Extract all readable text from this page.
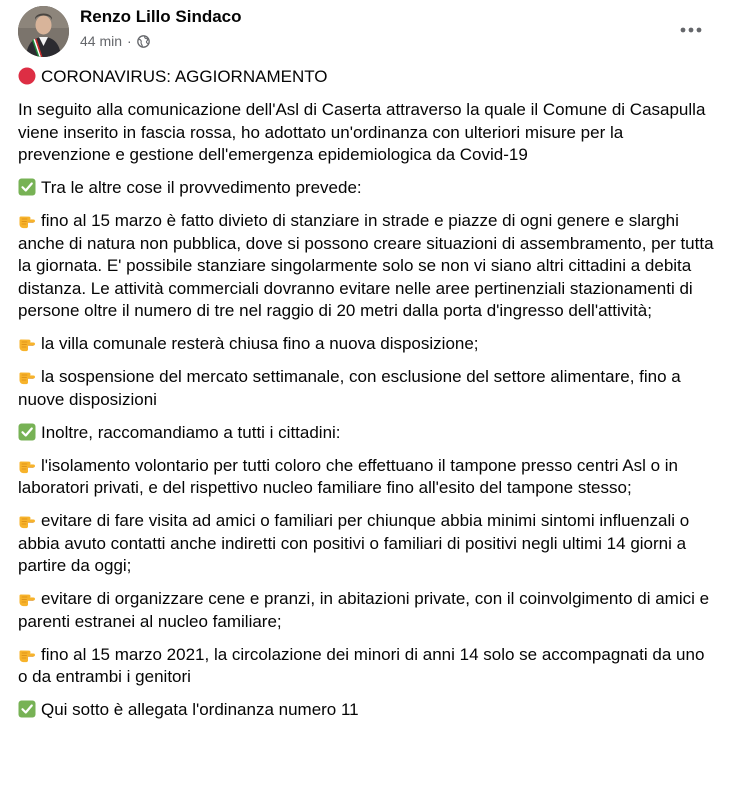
Renzo Lillo Sindaco
44 min ·
CORONAVIRUS: AGGIORNAMENTO
In seguito alla comunicazione dell'Asl di Caserta attraverso la quale il Comune di Casapulla viene inserito in fascia rossa, ho adottato un'ordinanza con ulteriori misure per la prevenzione e gestione dell'emergenza epidemiologica da Covid-19
Tra le altre cose il provvedimento prevede:
fino al 15 marzo è fatto divieto di stanziare in strade e piazze di ogni genere e slarghi anche di natura non pubblica, dove si possono creare situazioni di assembramento, per tutta la giornata. E' possibile stanziare singolarmente solo se non vi siano altri cittadini a debita distanza. Le attività commerciali dovranno evitare nelle aree pertinenziali stazionamenti di persone oltre il numero di tre nel raggio di 20 metri dalla porta d'ingresso dell'attività;
la villa comunale resterà chiusa fino a nuova disposizione;
la sospensione del mercato settimanale, con esclusione del settore alimentare, fino a nuove disposizioni
Inoltre, raccomandiamo a tutti i cittadini:
l'isolamento volontario per tutti coloro che effettuano il tampone presso centri Asl o in laboratori privati, e del rispettivo nucleo familiare fino all'esito del tampone stesso;
evitare di fare visita ad amici o familiari per chiunque abbia minimi sintomi influenzali o abbia avuto contatti anche indiretti con positivi o familiari di positivi negli ultimi 14 giorni a partire da oggi;
evitare di organizzare cene e pranzi, in abitazioni private, con il coinvolgimento di amici e parenti estranei al nucleo familiare;
fino al 15 marzo 2021, la circolazione dei minori di anni 14 solo se accompagnati da uno o da entrambi i genitori
Qui sotto è allegata l'ordinanza numero 11
